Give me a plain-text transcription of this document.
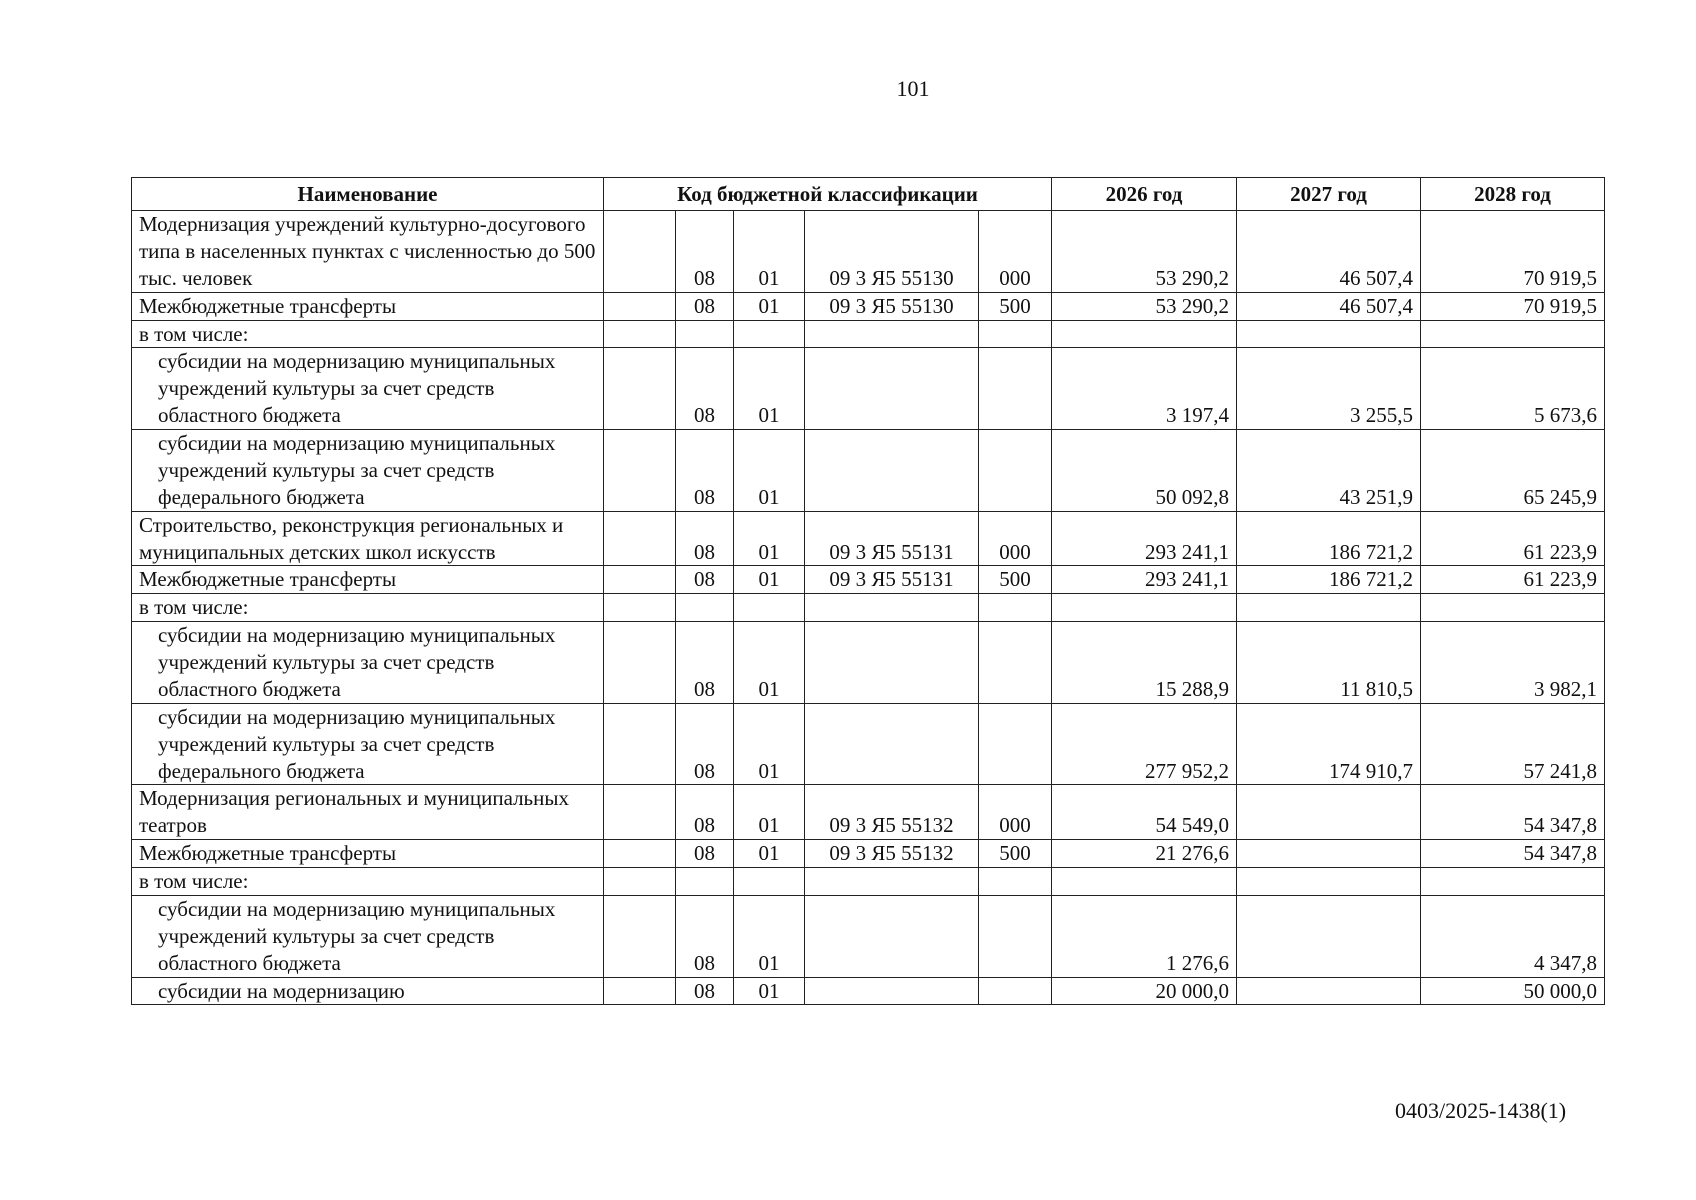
101
Наименование	Код бюджетной классификации					2026 год	2027 год	2028 год
Модернизация учреждений культурно-досугового типа в населенных пунктах с численностью до 500 тыс. человек		08	01	09 3 Я5 55130	000	53 290,2	46 507,4	70 919,5
Межбюджетные трансферты		08	01	09 3 Я5 55130	500	53 290,2	46 507,4	70 919,5
в том числе:								
субсидии на модернизацию муниципальных учреждений культуры за счет средств областного бюджета		08	01			3 197,4	3 255,5	5 673,6
субсидии на модернизацию муниципальных учреждений культуры за счет средств федерального бюджета		08	01			50 092,8	43 251,9	65 245,9
Строительство, реконструкция региональных и муниципальных детских школ искусств		08	01	09 3 Я5 55131	000	293 241,1	186 721,2	61 223,9
Межбюджетные трансферты		08	01	09 3 Я5 55131	500	293 241,1	186 721,2	61 223,9
в том числе:								
субсидии на модернизацию муниципальных учреждений культуры за счет средств областного бюджета		08	01			15 288,9	11 810,5	3 982,1
субсидии на модернизацию муниципальных учреждений культуры за счет средств федерального бюджета		08	01			277 952,2	174 910,7	57 241,8
Модернизация региональных и муниципальных театров		08	01	09 3 Я5 55132	000	54 549,0		54 347,8
Межбюджетные трансферты		08	01	09 3 Я5 55132	500	21 276,6		54 347,8
в том числе:								
субсидии на модернизацию муниципальных учреждений культуры за счет средств областного бюджета		08	01			1 276,6		4 347,8
субсидии на модернизацию		08	01			20 000,0		50 000,0
0403/2025-1438(1)
